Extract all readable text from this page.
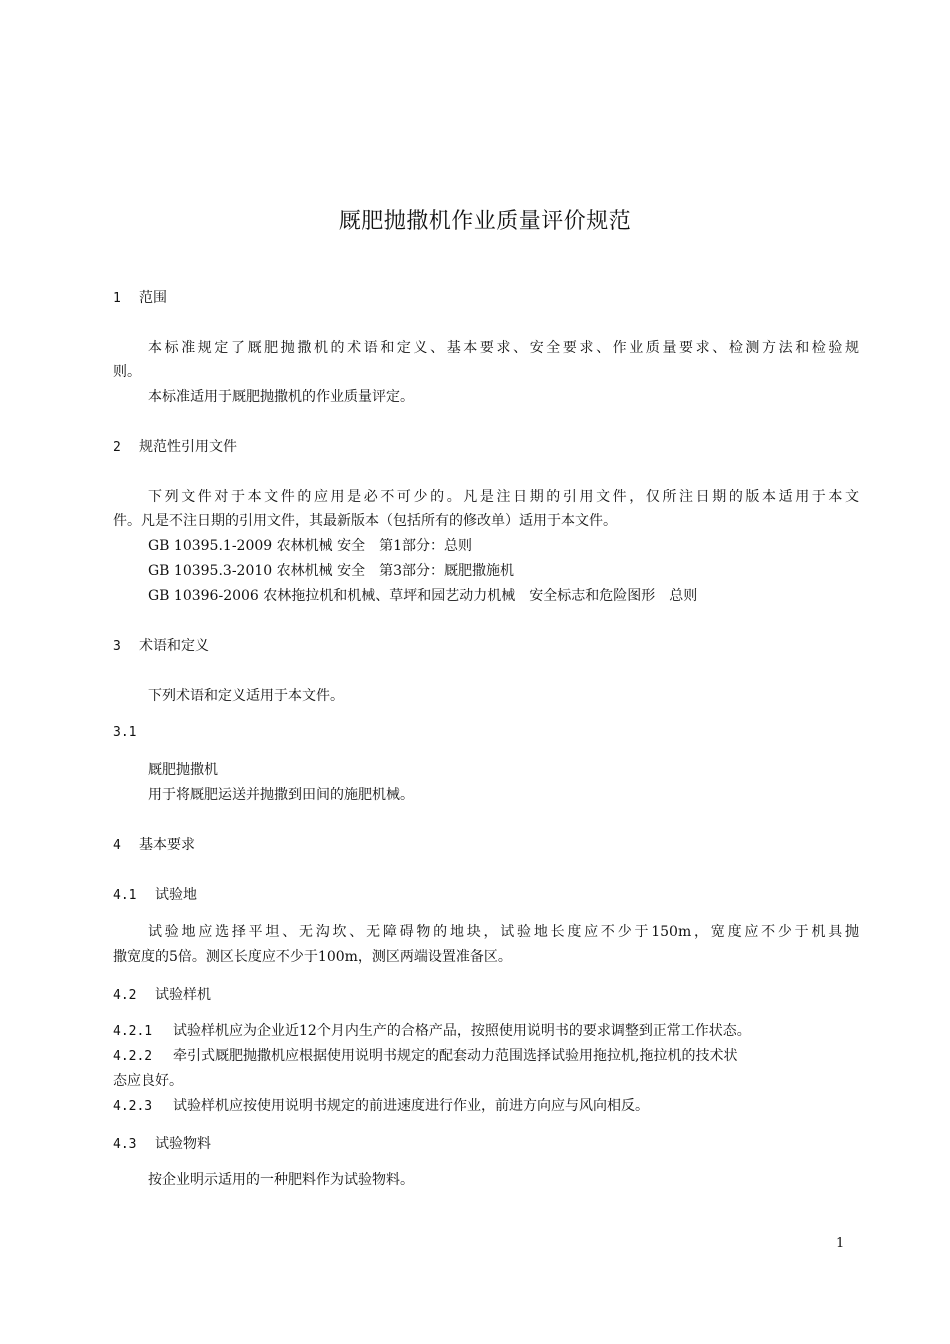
厩肥抛撒机作业质量评价规范
1 范围
本标准规定了厩肥抛撒机的术语和定义、基本要求、安全要求、作业质量要求、检测方法和检验规
则。
本标准适用于厩肥抛撒机的作业质量评定。
2 规范性引用文件
下列文件对于本文件的应用是必不可少的。凡是注日期的引用文件，仅所注日期的版本适用于本文
件。凡是不注日期的引用文件，其最新版本（包括所有的修改单）适用于本文件。
GB 10395.1-2009 农林机械 安全　第1部分：总则
GB 10395.3-2010 农林机械 安全　第3部分：厩肥撒施机
GB 10396-2006 农林拖拉机和机械、草坪和园艺动力机械　安全标志和危险图形　总则
3 术语和定义
下列术语和定义适用于本文件。
3.1
厩肥抛撒机
用于将厩肥运送并抛撒到田间的施肥机械。
4 基本要求
4.1 试验地
试验地应选择平坦、无沟坎、无障碍物的地块，试验地长度应不少于150m，宽度应不少于机具抛
撒宽度的5倍。测区长度应不少于100m，测区两端设置准备区。
4.2 试验样机
4.2.1 试验样机应为企业近12个月内生产的合格产品，按照使用说明书的要求调整到正常工作状态。
4.2.2 牵引式厩肥抛撒机应根据使用说明书规定的配套动力范围选择试验用拖拉机,拖拉机的技术状
态应良好。
4.2.3 试验样机应按使用说明书规定的前进速度进行作业，前进方向应与风向相反。
4.3 试验物料
按企业明示适用的一种肥料作为试验物料。
1
